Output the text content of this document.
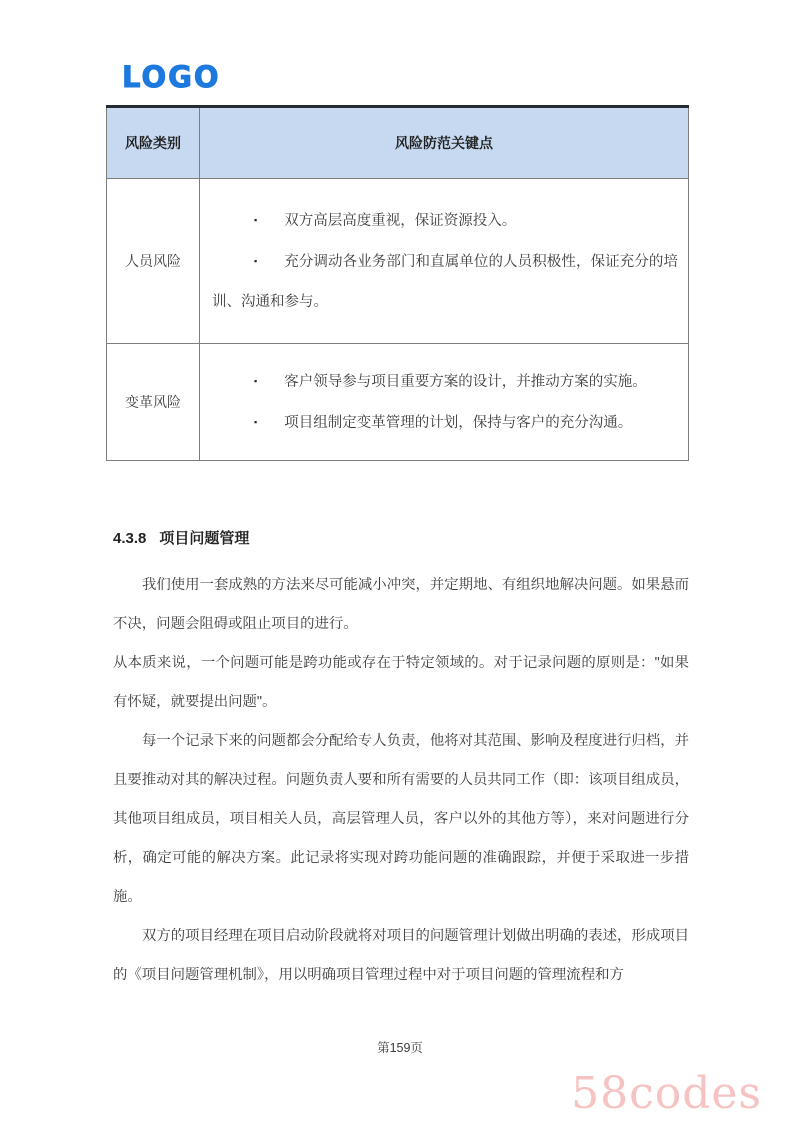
LOGO
风险类别	风险防范关键点
人员风险	▪ 双方高层高度重视，保证资源投入。
▪ 充分调动各业务部门和直属单位的人员积极性，保证充分的培训、沟通和参与。

变革风险	▪ 客户领导参与项目重要方案的设计，并推动方案的实施。
▪ 项目组制定变革管理的计划，保持与客户的充分沟通。
4.3.8 项目问题管理

我们使用一套成熟的方法来尽可能减小冲突，并定期地、有组织地解决问题。如果悬而不决，问题会阻碍或阻止项目的进行。

从本质来说，一个问题可能是跨功能或存在于特定领域的。对于记录问题的原则是："如果有怀疑，就要提出问题"。

每一个记录下来的问题都会分配给专人负责，他将对其范围、影响及程度进行归档，并且要推动对其的解决过程。问题负责人要和所有需要的人员共同工作（即：该项目组成员，其他项目组成员，项目相关人员，高层管理人员，客户以外的其他方等），来对问题进行分析，确定可能的解决方案。此记录将实现对跨功能问题的准确跟踪，并便于采取进一步措施。

双方的项目经理在项目启动阶段就将对项目的问题管理计划做出明确的表述，形成项目的《项目问题管理机制》，用以明确项目管理过程中对于项目问题的管理流程和方

第159页
58codes
